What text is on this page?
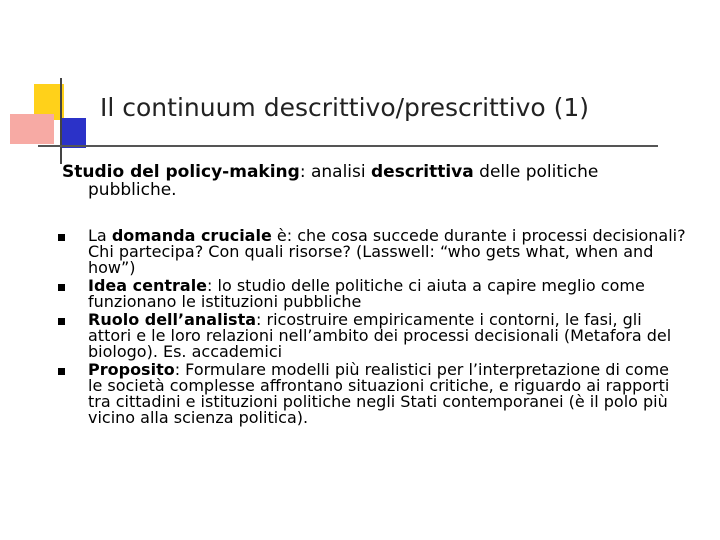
Il continuum descrittivo/prescrittivo (1)
Studio del policy-making: analisi descrittiva delle politiche
pubbliche.
La domanda cruciale è: che cosa succede durante i processi decisionali? Chi partecipa? Con quali risorse? (Lasswell: “who gets what, when and how”)
Idea centrale: lo studio delle politiche ci aiuta a capire meglio come funzionano le istituzioni pubbliche
Ruolo dell’analista: ricostruire empiricamente i contorni, le fasi, gli attori e le loro relazioni nell’ambito dei processi decisionali (Metafora del biologo). Es. accademici
Proposito: Formulare modelli più realistici per l’interpretazione di come le società complesse affrontano situazioni critiche, e riguardo ai rapporti tra cittadini e istituzioni politiche negli Stati contemporanei (è il polo più vicino alla scienza politica).
